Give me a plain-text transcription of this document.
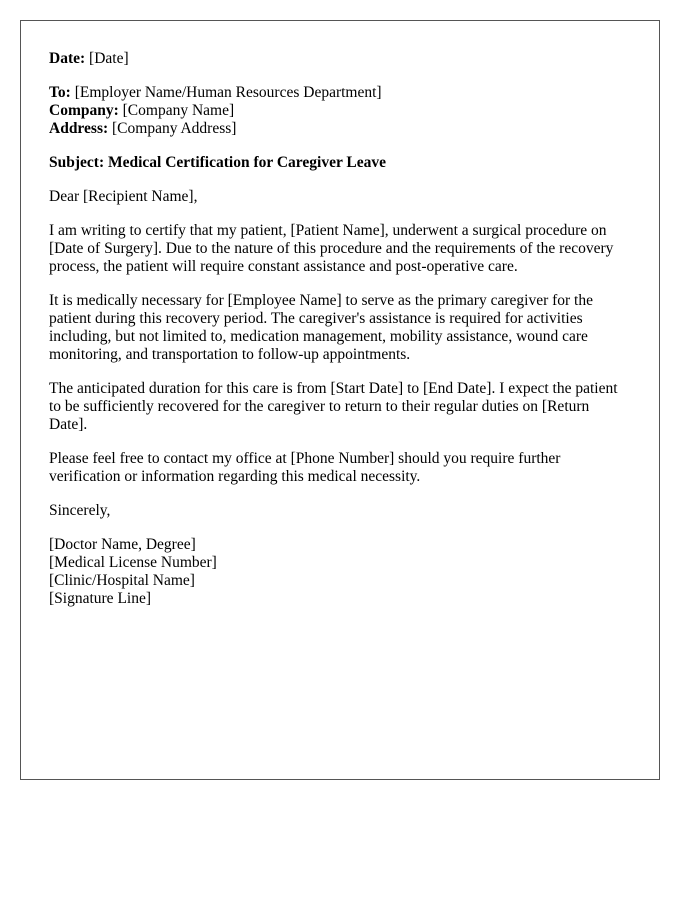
Date: [Date]
To: [Employer Name/Human Resources Department]
Company: [Company Name]
Address: [Company Address]
Subject: Medical Certification for Caregiver Leave
Dear [Recipient Name],

I am writing to certify that my patient, [Patient Name], underwent a surgical procedure on [Date of Surgery]. Due to the nature of this procedure and the requirements of the recovery process, the patient will require constant assistance and post-operative care.

It is medically necessary for [Employee Name] to serve as the primary caregiver for the patient during this recovery period. The caregiver's assistance is required for activities including, but not limited to, medication management, mobility assistance, wound care monitoring, and transportation to follow-up appointments.

The anticipated duration for this care is from [Start Date] to [End Date]. I expect the patient to be sufficiently recovered for the caregiver to return to their regular duties on [Return Date].

Please feel free to contact my office at [Phone Number] should you require further verification or information regarding this medical necessity.

Sincerely,
[Doctor Name, Degree]
[Medical License Number]
[Clinic/Hospital Name]
[Signature Line]
